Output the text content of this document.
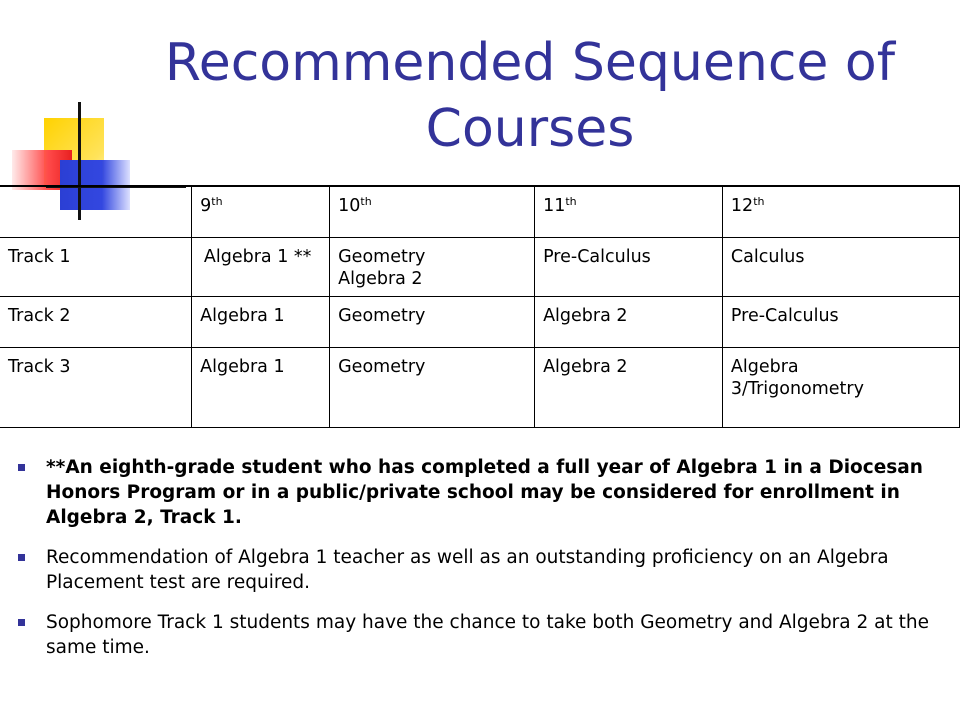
Recommended Sequence of Courses
	9th	10th	11th	12th
Track 1	Algebra 1 **	Geometry Algebra 2	Pre-Calculus	Calculus
Track 2	Algebra 1	Geometry	Algebra 2	Pre-Calculus
Track 3	Algebra 1	Geometry	Algebra 2	Algebra 3/Trigonometry
**An eighth-grade student who has completed a full year of Algebra 1 in a Diocesan Honors Program or in a public/private school may be considered for enrollment in Algebra 2, Track 1.
Recommendation of Algebra 1 teacher as well as an outstanding proficiency on an Algebra Placement test are required.
Sophomore Track 1 students may have the chance to take both Geometry and Algebra 2 at the same time.
